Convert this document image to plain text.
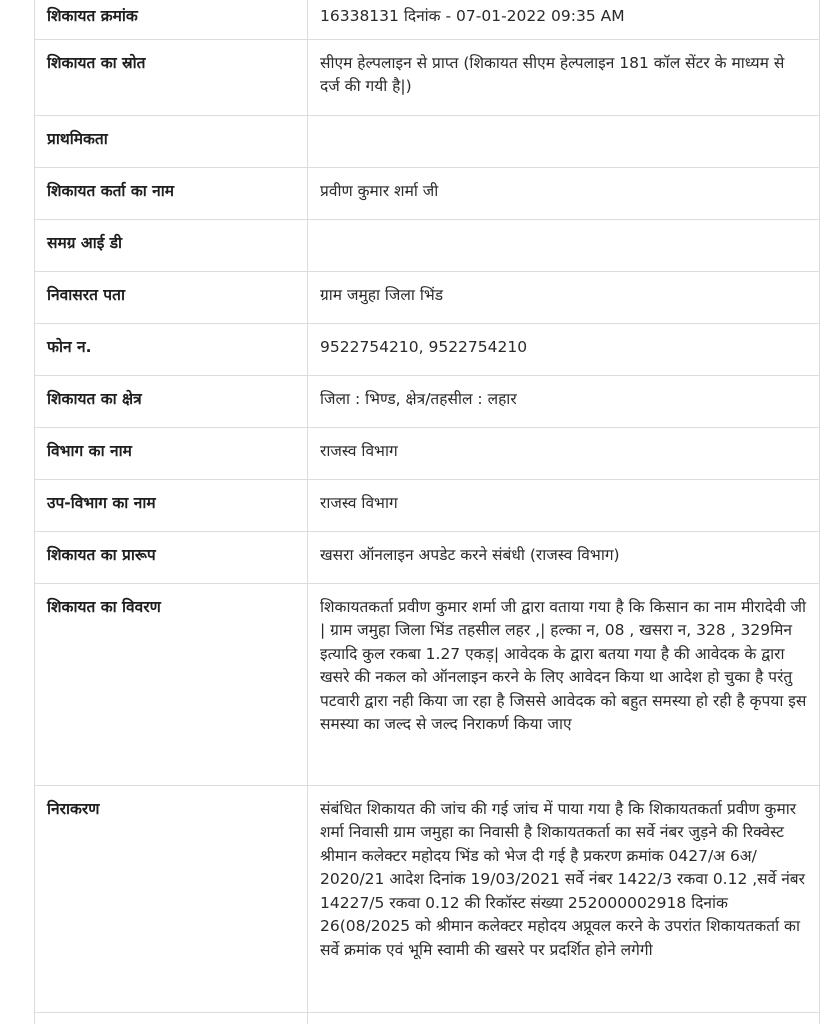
शिकायत क्रमांक	16338131 दिनांक - 07-01-2022 09:35 AM
शिकायत का स्रोत	सीएम हेल्पलाइन से प्राप्त (शिकायत सीएम हेल्पलाइन 181 कॉल सेंटर के माध्यम से दर्ज की गयी है|)
प्राथमिकता	
शिकायत कर्ता का नाम	प्रवीण कुमार शर्मा जी
समग्र आई डी	
निवासरत पता	ग्राम जमुहा जिला भिंड
फोन न.	9522754210, 9522754210
शिकायत का क्षेत्र	जिला : भिण्ड, क्षेत्र/तहसील : लहार
विभाग का नाम	राजस्व विभाग
उप-विभाग का नाम	राजस्व विभाग
शिकायत का प्रारूप	खसरा ऑनलाइन अपडेट करने संबंधी (राजस्व विभाग)
शिकायत का विवरण	शिकायतकर्ता प्रवीण कुमार शर्मा जी द्वारा वताया गया है कि किसान का नाम मीरादेवी जी | ग्राम जमुहा जिला भिंड तहसील लहर ,| हल्का न, 08 , खसरा न, 328 , 329मिन इत्यादि कुल रकबा 1.27 एकड़| आवेदक के द्वारा बतया गया है की आवेदक के द्वारा खसरे की नकल को ऑनलाइन करने के लिए आवेदन किया था आदेश हो चुका है परंतु पटवारी द्वारा नही किया जा रहा है जिससे आवेदक को बहुत समस्या हो रही है कृपया इस समस्या का जल्द से जल्द निराकर्ण किया जाए
निराकरण	संबंधित शिकायत की जांच की गई जांच में पाया गया है कि शिकायतकर्ता प्रवीण कुमार शर्मा निवासी ग्राम जमुहा का निवासी है शिकायतकर्ता का सर्वे नंबर जुड़ने की रिक्वेस्ट श्रीमान कलेक्टर महोदय भिंड को भेज दी गई है प्रकरण क्रमांक 0427/अ 6अ/ 2020/21 आदेश दिनांक 19/03/2021 सर्वे नंबर 1422/3 रकवा 0.12 ,सर्वे नंबर 14227/5 रकवा 0.12 की रिकॉस्ट संख्या 252000002918 दिनांक 26(08/2025 को श्रीमान कलेक्टर महोदय अप्रूवल करने के उपरांत शिकायतकर्ता का सर्वे क्रमांक एवं भूमि स्वामी की खसरे पर प्रदर्शित होने लगेगी
